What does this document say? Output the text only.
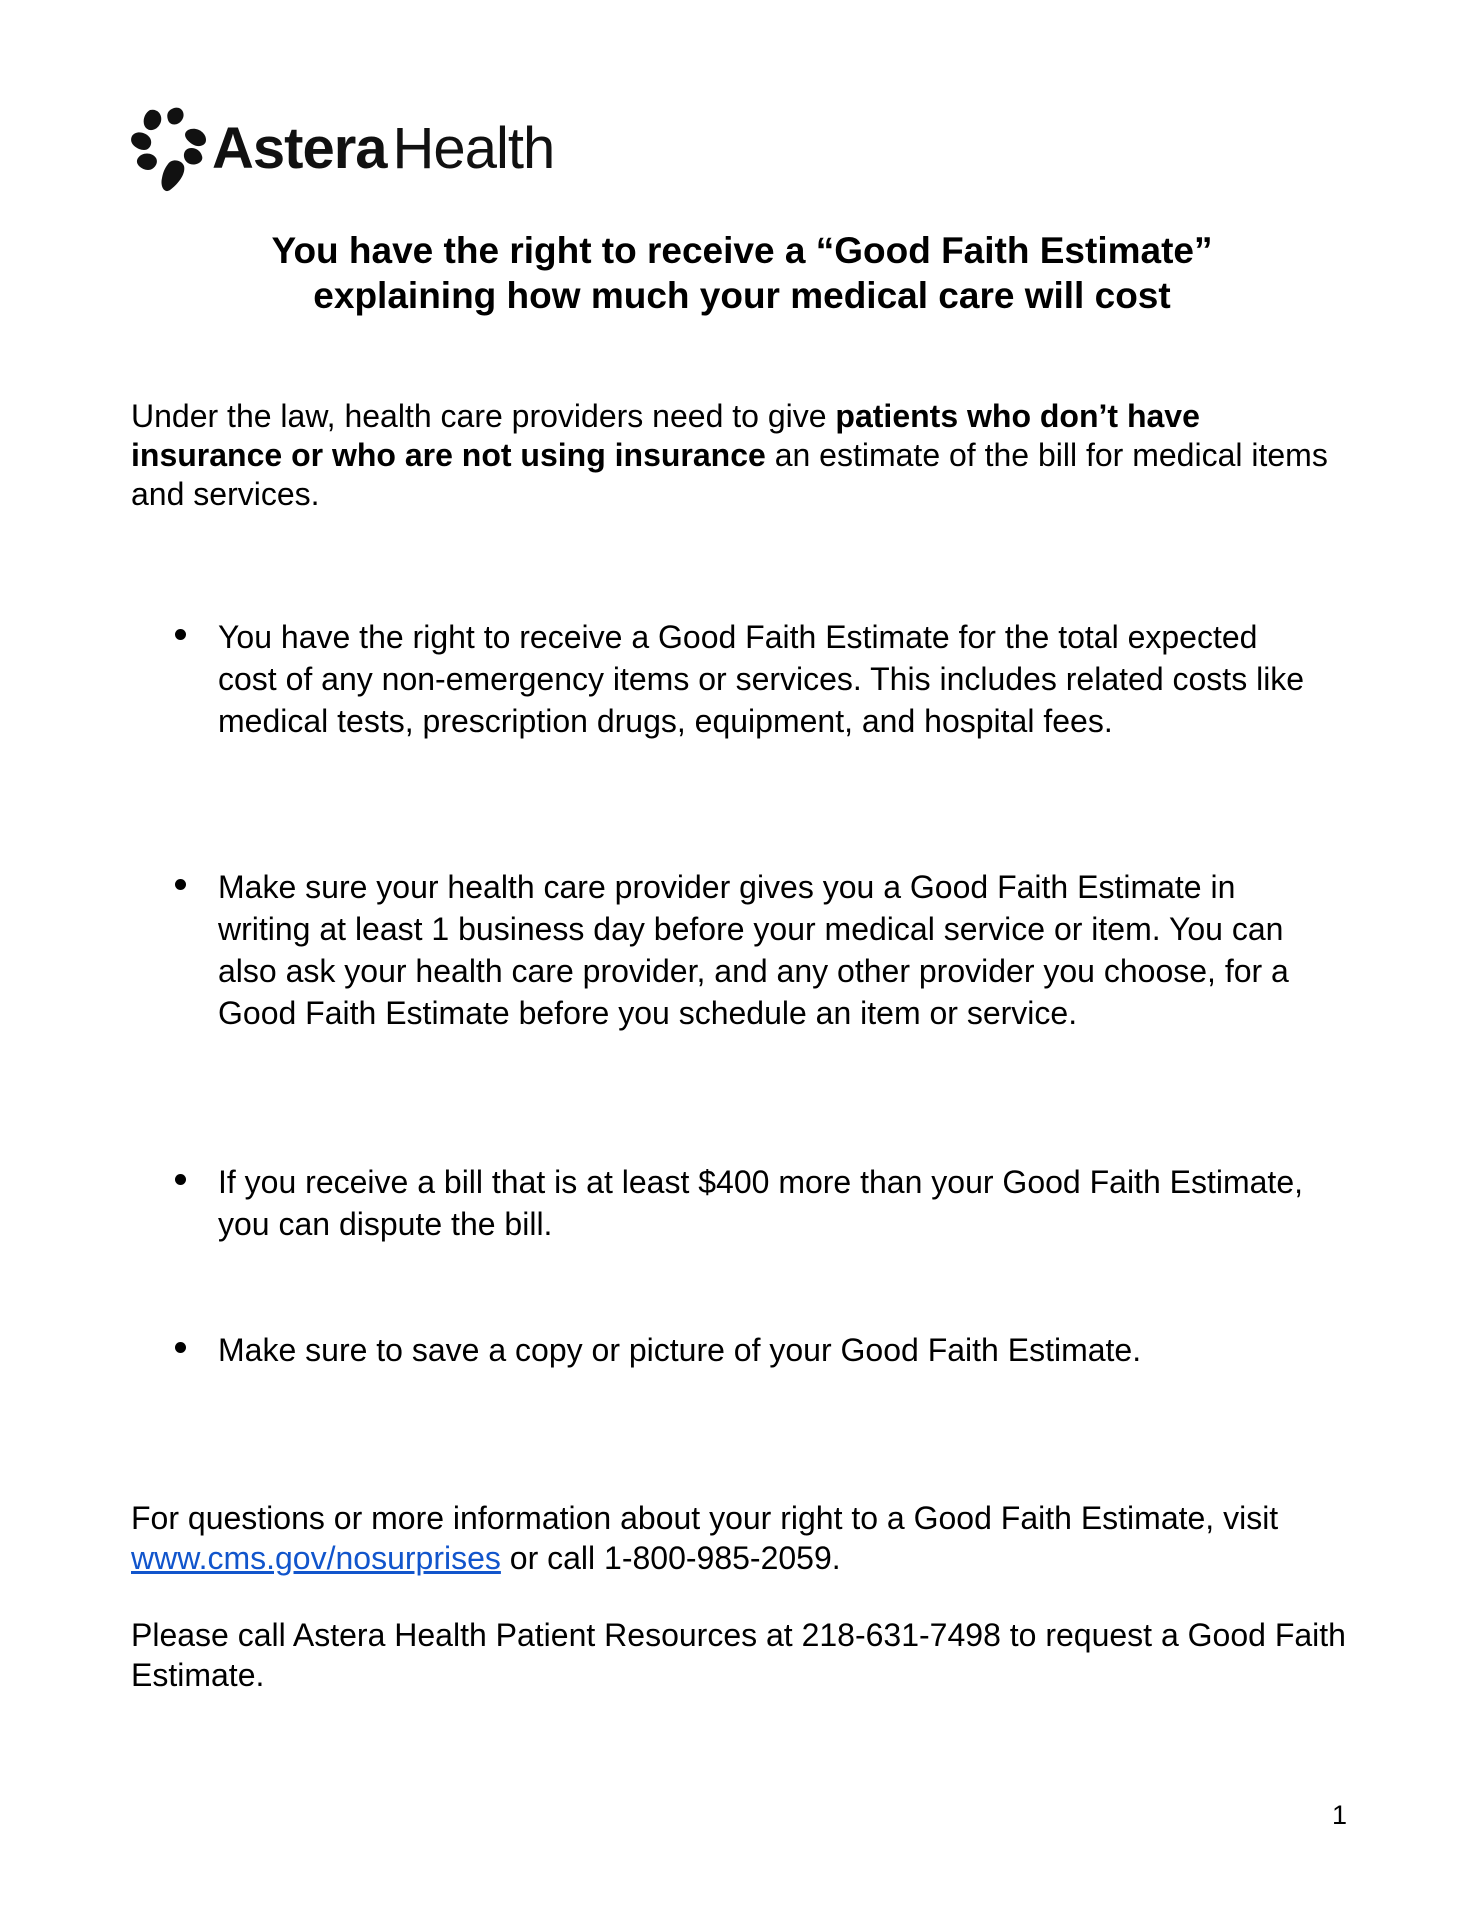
Astera Health
You have the right to receive a “Good Faith Estimate”
explaining how much your medical care will cost

Under the law, health care providers need to give patients who don’t have insurance or who are not using insurance an estimate of the bill for medical items and services.

You have the right to receive a Good Faith Estimate for the total expected cost of any non-emergency items or services. This includes related costs like medical tests, prescription drugs, equipment, and hospital fees.
Make sure your health care provider gives you a Good Faith Estimate in writing at least 1 business day before your medical service or item. You can also ask your health care provider, and any other provider you choose, for a Good Faith Estimate before you schedule an item or service.
If you receive a bill that is at least $400 more than your Good Faith Estimate, you can dispute the bill.
Make sure to save a copy or picture of your Good Faith Estimate.

For questions or more information about your right to a Good Faith Estimate, visit www.cms.gov/nosurprises or call 1-800-985-2059.

Please call Astera Health Patient Resources at 218-631-7498 to request a Good Faith Estimate.

1
